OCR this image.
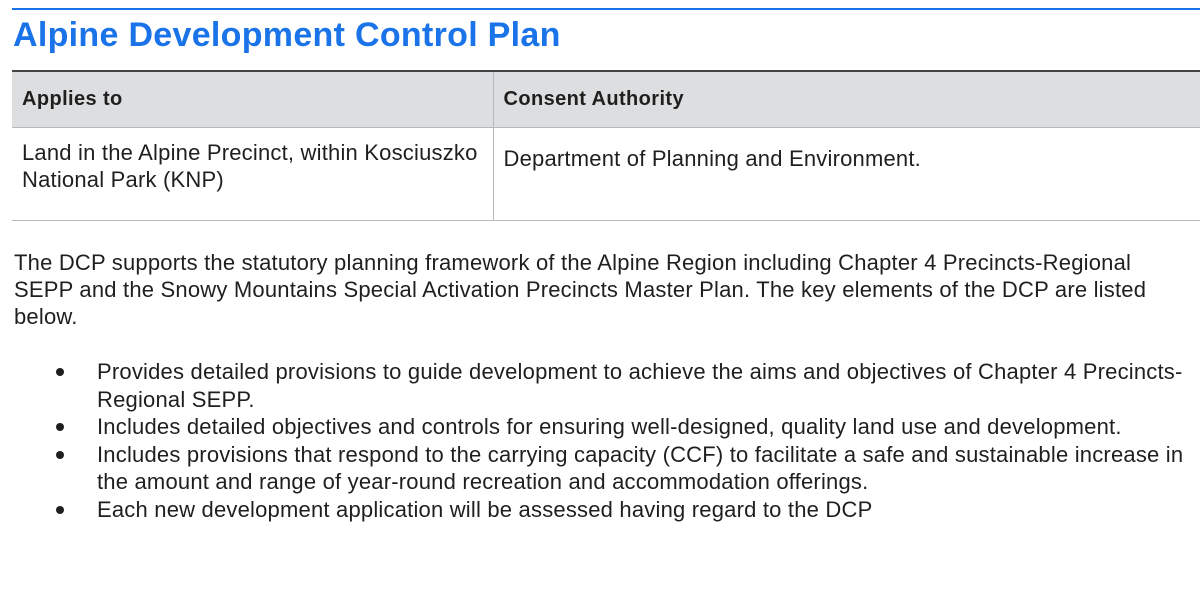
Alpine Development Control Plan
Applies to	Consent Authority
Land in the Alpine Precinct, within Kosciuszko National Park (KNP)	Department of Planning and Environment.

The DCP supports the statutory planning framework of the Alpine Region including Chapter 4 Precincts-Regional SEPP and the Snowy Mountains Special Activation Precincts Master Plan. The key elements of the DCP are listed below.

Provides detailed provisions to guide development to achieve the aims and objectives of Chapter 4 Precincts-Regional SEPP.
Includes detailed objectives and controls for ensuring well-designed, quality land use and development.
Includes provisions that respond to the carrying capacity (CCF) to facilitate a safe and sustainable increase in the amount and range of year-round recreation and accommodation offerings.
Each new development application will be assessed having regard to the DCP
